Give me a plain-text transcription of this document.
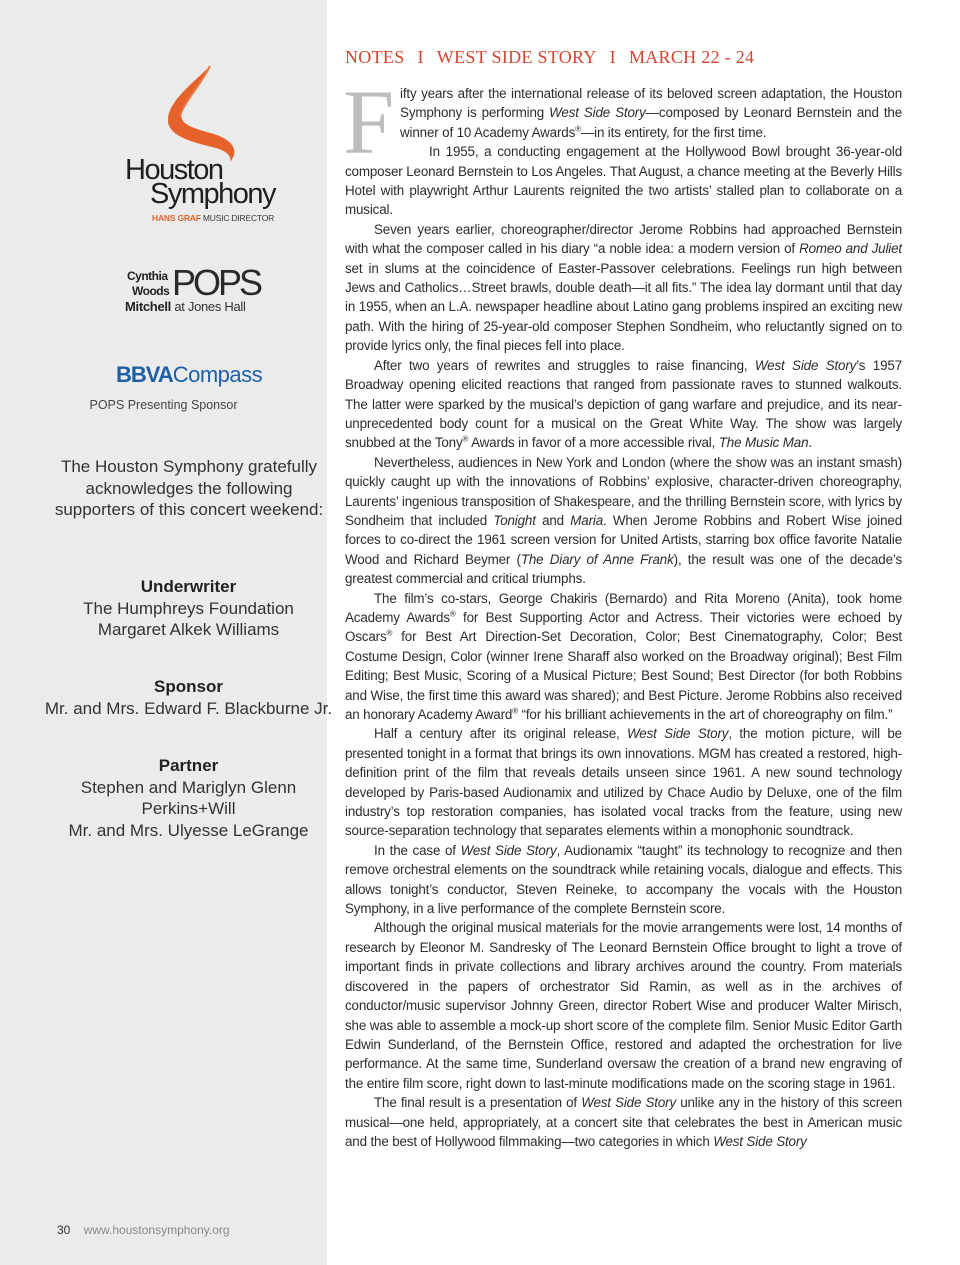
Houston
Symphony
HANS GRAF MUSIC DIRECTOR
Cynthia
Woods POPS
Mitchell at Jones Hall
BBVACompass
POPS Presenting Sponsor
The Houston Symphony gratefully acknowledges the following supporters of this concert weekend:
Underwriter
The Humphreys Foundation
Margaret Alkek Williams
Sponsor
Mr. and Mrs. Edward F. Blackburne Jr.
Partner
Stephen and Mariglyn Glenn
Perkins+Will
Mr. and Mrs. Ulyesse LeGrange
30 www.houstonsymphony.org
NOTES I WEST SIDE STORY I MARCH 22 - 24

Fifty years after the international release of its beloved screen adaptation, the Houston Symphony is performing West Side Story—composed by Leonard Bernstein and the winner of 10 Academy Awards®—in its entirety, for the first time.

In 1955, a conducting engagement at the Hollywood Bowl brought 36-year-old composer Leonard Bernstein to Los Angeles. That August, a chance meeting at the Beverly Hills Hotel with playwright Arthur Laurents reignited the two artists’ stalled plan to collaborate on a musical.

Seven years earlier, choreographer/director Jerome Robbins had approached Bernstein with what the composer called in his diary “a noble idea: a modern version of Romeo and Juliet set in slums at the coincidence of Easter-Passover celebrations. Feelings run high between Jews and Catholics…Street brawls, double death—it all fits.” The idea lay dormant until that day in 1955, when an L.A. newspaper headline about Latino gang problems inspired an exciting new path. With the hiring of 25-year-old composer Stephen Sondheim, who reluctantly signed on to provide lyrics only, the final pieces fell into place.

After two years of rewrites and struggles to raise financing, West Side Story’s 1957 Broadway opening elicited reactions that ranged from passionate raves to stunned walkouts. The latter were sparked by the musical’s depiction of gang warfare and prejudice, and its near-unprecedented body count for a musical on the Great White Way. The show was largely snubbed at the Tony® Awards in favor of a more accessible rival, The Music Man.

Nevertheless, audiences in New York and London (where the show was an instant smash) quickly caught up with the innovations of Robbins’ explosive, character-driven choreography, Laurents’ ingenious transposition of Shakespeare, and the thrilling Bernstein score, with lyrics by Sondheim that included Tonight and Maria. When Jerome Robbins and Robert Wise joined forces to co-direct the 1961 screen version for United Artists, starring box office favorite Natalie Wood and Richard Beymer (The Diary of Anne Frank), the result was one of the decade’s greatest commercial and critical triumphs.

The film’s co-stars, George Chakiris (Bernardo) and Rita Moreno (Anita), took home Academy Awards® for Best Supporting Actor and Actress. Their victories were echoed by Oscars® for Best Art Direction-Set Decoration, Color; Best Cinematography, Color; Best Costume Design, Color (winner Irene Sharaff also worked on the Broadway original); Best Film Editing; Best Music, Scoring of a Musical Picture; Best Sound; Best Director (for both Robbins and Wise, the first time this award was shared); and Best Picture. Jerome Robbins also received an honorary Academy Award® “for his brilliant achievements in the art of choreography on film.”

Half a century after its original release, West Side Story, the motion picture, will be presented tonight in a format that brings its own innovations. MGM has created a restored, high-definition print of the film that reveals details unseen since 1961. A new sound technology developed by Paris-based Audionamix and utilized by Chace Audio by Deluxe, one of the film industry’s top restoration companies, has isolated vocal tracks from the feature, using new source-separation technology that separates elements within a monophonic soundtrack.

In the case of West Side Story, Audionamix “taught” its technology to recognize and then remove orchestral elements on the soundtrack while retaining vocals, dialogue and effects. This allows tonight’s conductor, Steven Reineke, to accompany the vocals with the Houston Symphony, in a live performance of the complete Bernstein score.

Although the original musical materials for the movie arrangements were lost, 14 months of research by Eleonor M. Sandresky of The Leonard Bernstein Office brought to light a trove of important finds in private collections and library archives around the country. From materials discovered in the papers of orchestrator Sid Ramin, as well as in the archives of conductor/music supervisor Johnny Green, director Robert Wise and producer Walter Mirisch, she was able to assemble a mock-up short score of the complete film. Senior Music Editor Garth Edwin Sunderland, of the Bernstein Office, restored and adapted the orchestration for live performance. At the same time, Sunderland oversaw the creation of a brand new engraving of the entire film score, right down to last-minute modifications made on the scoring stage in 1961.

The final result is a presentation of West Side Story unlike any in the history of this screen musical—one held, appropriately, at a concert site that celebrates the best in American music and the best of Hollywood filmmaking—two categories in which West Side Story
